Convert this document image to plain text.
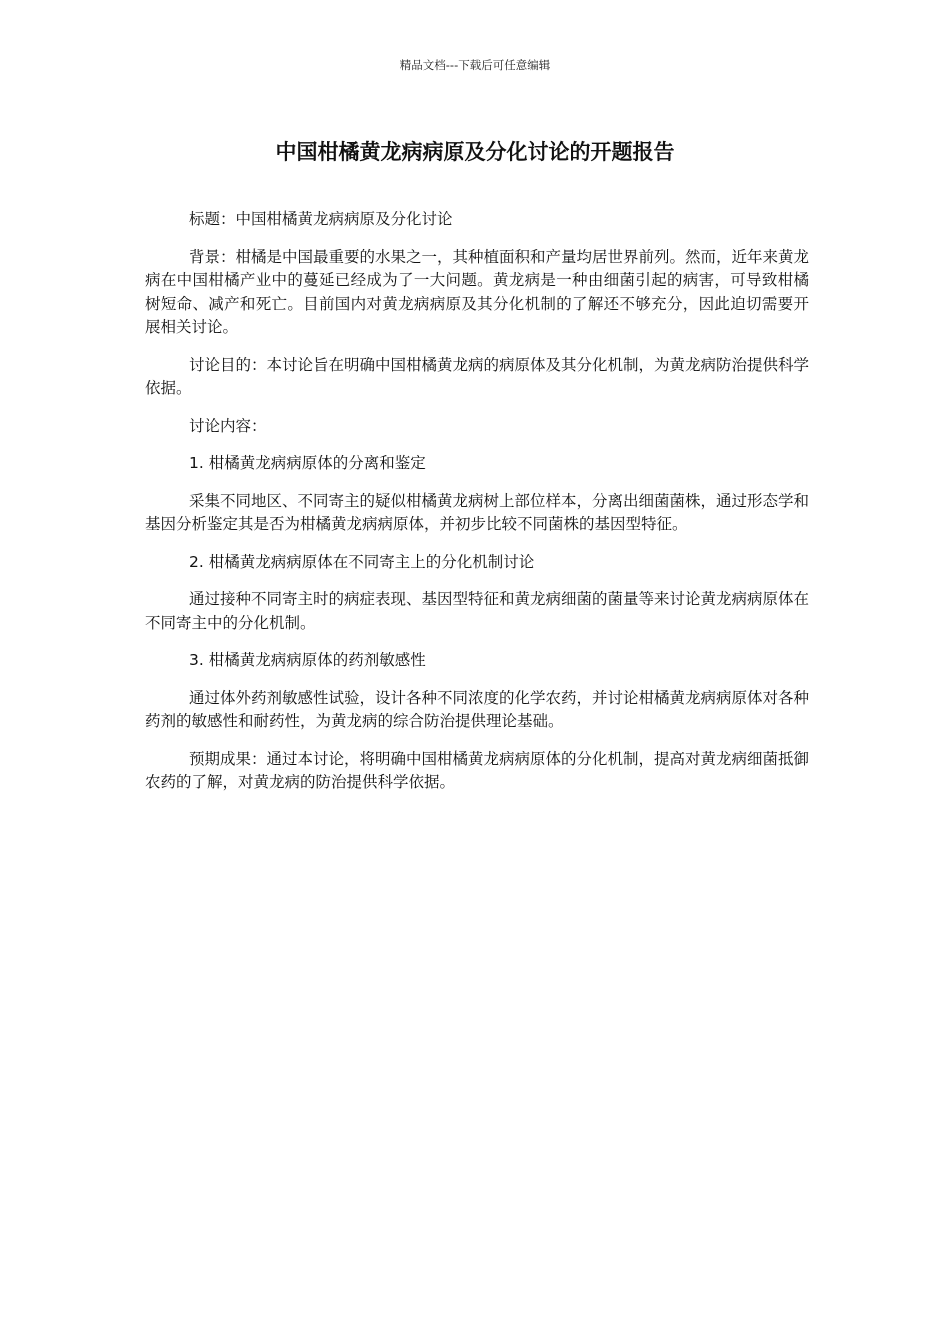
精品文档---下载后可任意编辑
中国柑橘黄龙病病原及分化讨论的开题报告

标题：中国柑橘黄龙病病原及分化讨论

背景：柑橘是中国最重要的水果之一，其种植面积和产量均居世界前列。然而，近年来黄龙病在中国柑橘产业中的蔓延已经成为了一大问题。黄龙病是一种由细菌引起的病害，可导致柑橘树短命、减产和死亡。目前国内对黄龙病病原及其分化机制的了解还不够充分，因此迫切需要开展相关讨论。

讨论目的：本讨论旨在明确中国柑橘黄龙病的病原体及其分化机制，为黄龙病防治提供科学依据。

讨论内容：

1. 柑橘黄龙病病原体的分离和鉴定

采集不同地区、不同寄主的疑似柑橘黄龙病树上部位样本，分离出细菌菌株，通过形态学和基因分析鉴定其是否为柑橘黄龙病病原体，并初步比较不同菌株的基因型特征。

2. 柑橘黄龙病病原体在不同寄主上的分化机制讨论

通过接种不同寄主时的病症表现、基因型特征和黄龙病细菌的菌量等来讨论黄龙病病原体在不同寄主中的分化机制。

3. 柑橘黄龙病病原体的药剂敏感性

通过体外药剂敏感性试验，设计各种不同浓度的化学农药，并讨论柑橘黄龙病病原体对各种药剂的敏感性和耐药性，为黄龙病的综合防治提供理论基础。

预期成果：通过本讨论，将明确中国柑橘黄龙病病原体的分化机制，提高对黄龙病细菌抵御农药的了解，对黄龙病的防治提供科学依据。
